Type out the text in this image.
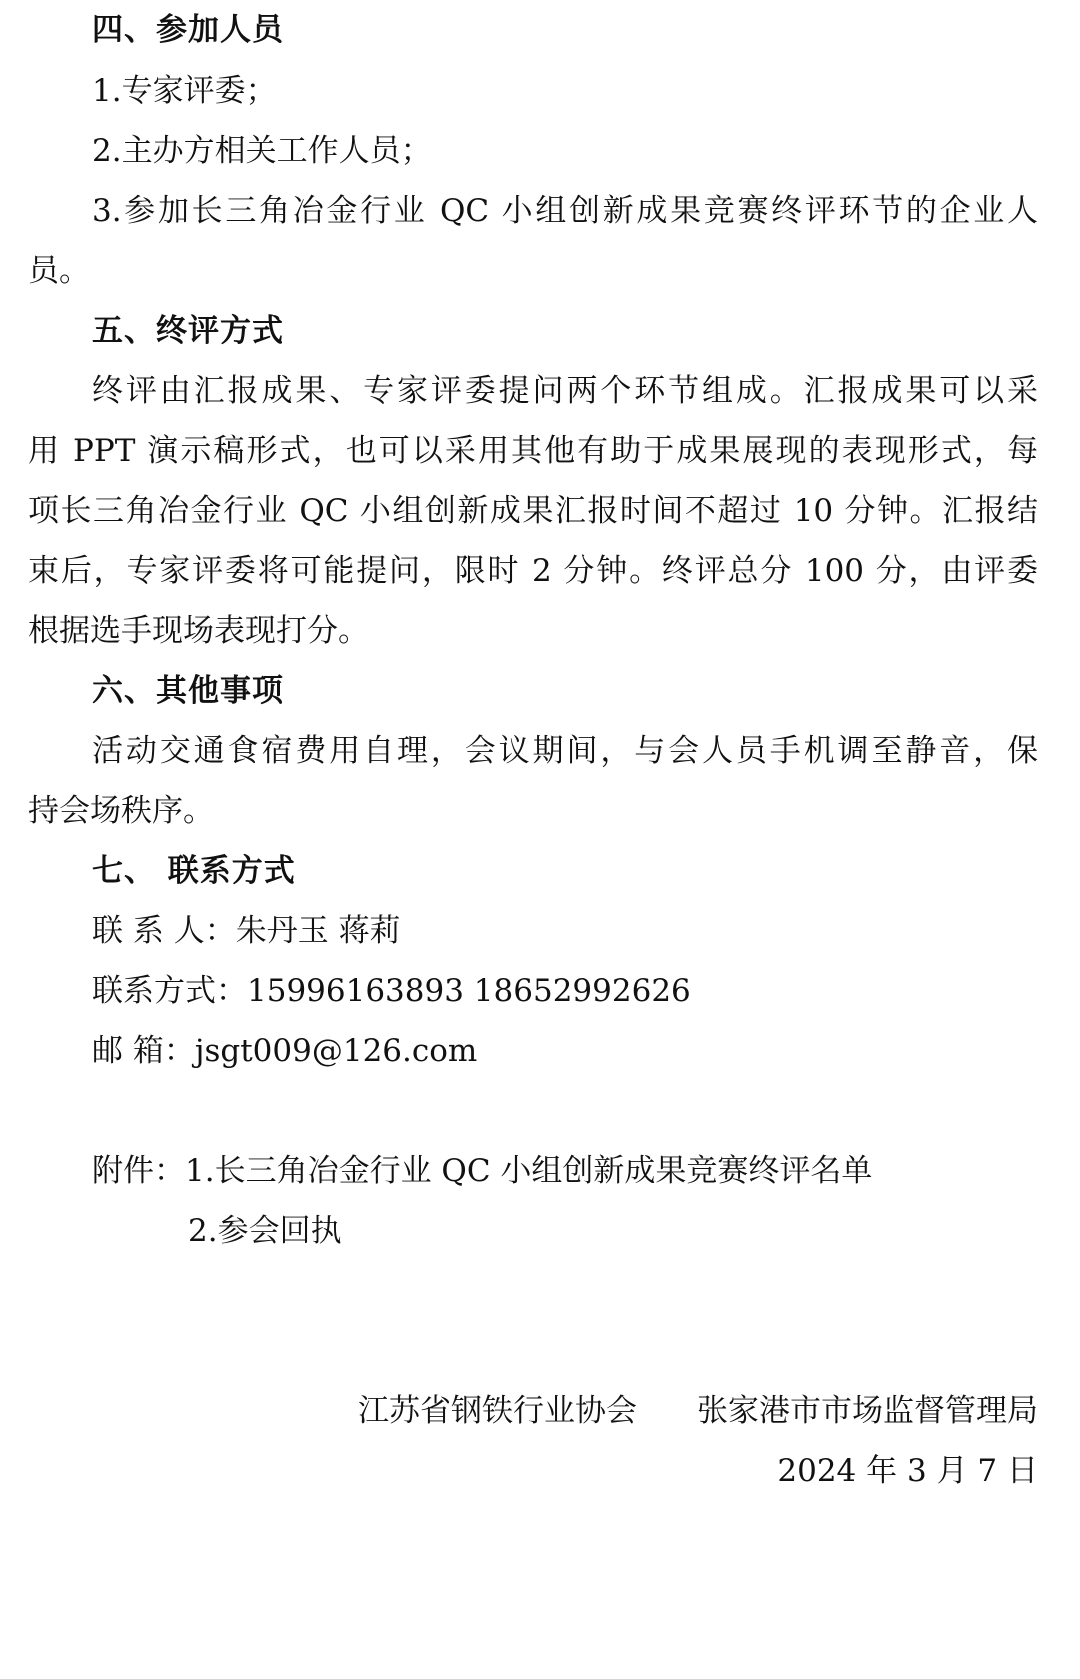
四、参加人员
1.专家评委；
2.主办方相关工作人员；
3.参加长三角冶金行业 QC 小组创新成果竞赛终评环节的企业人
员。
五、终评方式
终评由汇报成果、专家评委提问两个环节组成。汇报成果可以采
用 PPT 演示稿形式，也可以采用其他有助于成果展现的表现形式，每
项长三角冶金行业 QC 小组创新成果汇报时间不超过 10 分钟。汇报结
束后，专家评委将可能提问，限时 2 分钟。终评总分 100 分，由评委
根据选手现场表现打分。
六、其他事项
活动交通食宿费用自理，会议期间，与会人员手机调至静音，保
持会场秩序。
七、 联系方式
联 系 人：朱丹玉 蒋莉
联系方式：15996163893 18652992626
邮 箱：jsgt009@126.com
附件：1.长三角冶金行业 QC 小组创新成果竞赛终评名单
2.参会回执
江苏省钢铁行业协会 张家港市市场监督管理局
2024 年 3 月 7 日
